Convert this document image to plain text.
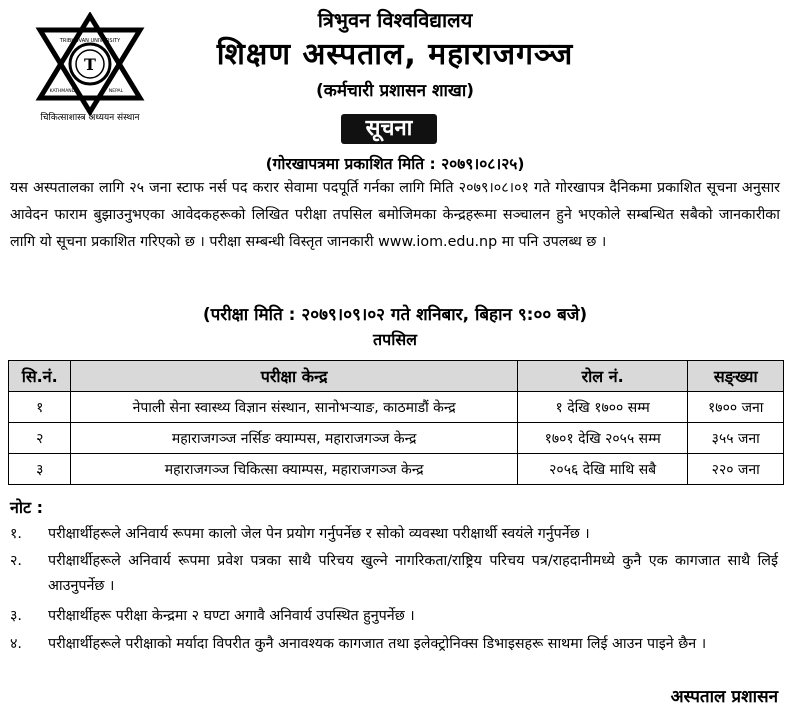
T
TRIBHUVAN UNIVERSITY
KATHMANDU	NEPAL
चिकित्साशास्त्र अध्ययन संस्थान
त्रिभुवन विश्वविद्यालय
शिक्षण अस्पताल, महाराजगञ्ज
(कर्मचारी प्रशासन शाखा)
सूचना
(गोरखापत्रमा प्रकाशित मिति : २०७९।०८।२५)
यस अस्पतालका लागि २५ जना स्टाफ नर्स पद करार सेवामा पदपूर्ति गर्नका लागि मिति २०७९।०८।०१ गते गोरखापत्र दैनिकमा प्रकाशित सूचना अनुसार आवेदन फाराम बुझाउनुभएका आवेदकहरूको लिखित परीक्षा तपसिल बमोजिमका केन्द्रहरूमा सञ्चालन हुने भएकोले सम्बन्धित सबैको जानकारीका लागि यो सूचना प्रकाशित गरिएको छ । परीक्षा सम्बन्धी विस्तृत जानकारी www.iom.edu.np मा पनि उपलब्ध छ ।
(परीक्षा मिति : २०७९।०९।०२ गते शनिबार, बिहान ९:०० बजे)
तपसिल
सि.नं.	परीक्षा केन्द्र	रोल नं.	सङ्ख्या
१	नेपाली सेना स्वास्थ्य विज्ञान संस्थान, सानोभऱ्याङ, काठमाडौं केन्द्र	१ देखि १७०० सम्म	१७०० जना
२	महाराजगञ्ज नर्सिङ क्याम्पस, महाराजगञ्ज केन्द्र	१७०१ देखि २०५५ सम्म	३५५ जना
३	महाराजगञ्ज चिकित्सा क्याम्पस, महाराजगञ्ज केन्द्र	२०५६ देखि माथि सबै	२२० जना
नोट :
१. परीक्षार्थीहरूले अनिवार्य रूपमा कालो जेल पेन प्रयोग गर्नुपर्नेछ र सोको व्यवस्था परीक्षार्थी स्वयंले गर्नुपर्नेछ ।
२. परीक्षार्थीहरूले अनिवार्य रूपमा प्रवेश पत्रका साथै परिचय खुल्ने नागरिकता/राष्ट्रिय परिचय पत्र/राहदानीमध्ये कुनै एक कागजात साथै लिई आउनुपर्नेछ ।
३. परीक्षार्थीहरू परीक्षा केन्द्रमा २ घण्टा अगावै अनिवार्य उपस्थित हुनुपर्नेछ ।
४. परीक्षार्थीहरूले परीक्षाको मर्यादा विपरीत कुनै अनावश्यक कागजात तथा इलेक्ट्रोनिक्स डिभाइसहरू साथमा लिई आउन पाइने छैन ।
अस्पताल प्रशासन
